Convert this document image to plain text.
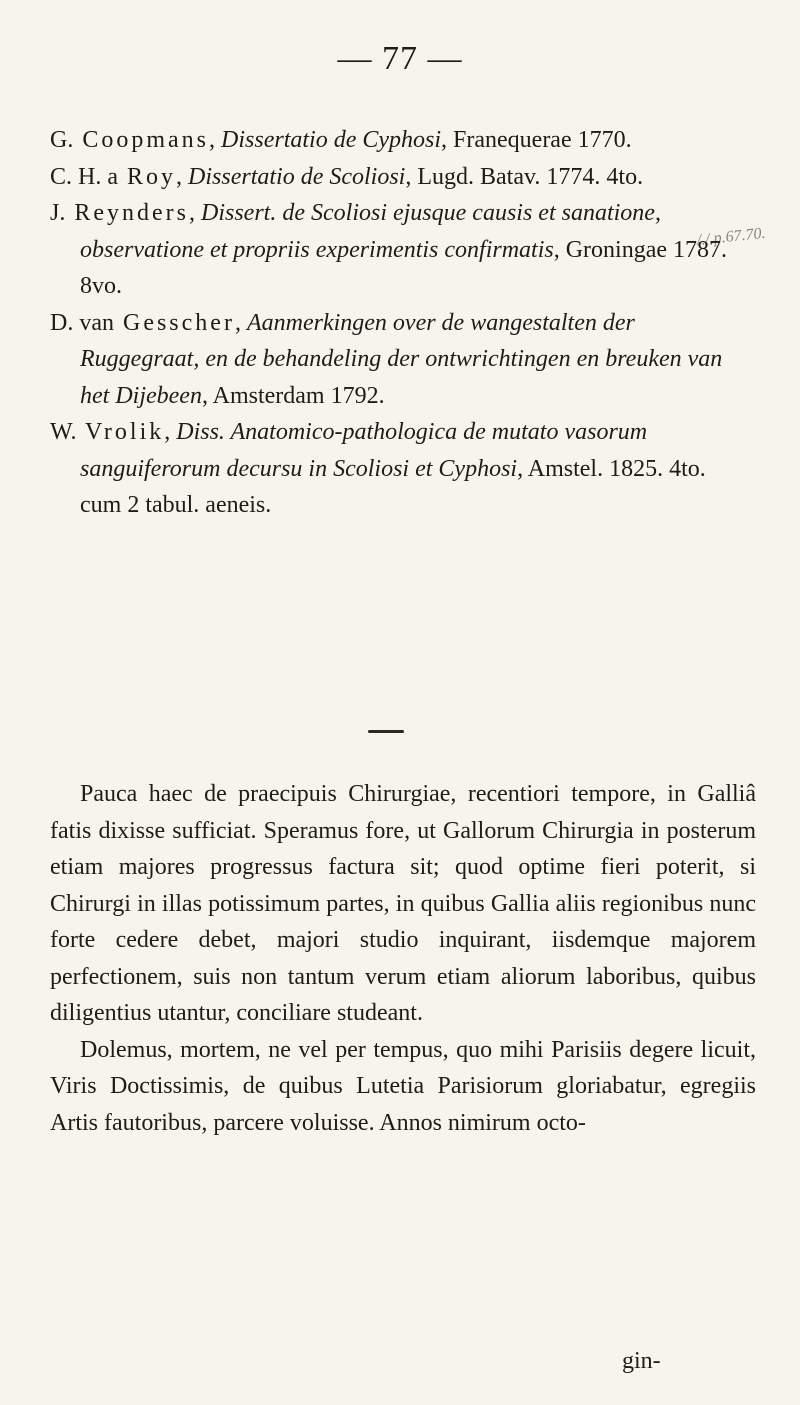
— 77 —
/./.p.67.70.

G. Coopmans, Dissertatio de Cyphosi, Franequerae 1770.

C. H. a Roy, Dissertatio de Scoliosi, Lugd. Batav. 1774. 4to.

J. Reynders, Dissert. de Scoliosi ejusque causis et sanatione, observatione et propriis experimentis confirmatis, Groningae 1787. 8vo.

D. van Gesscher, Aanmerkingen over de wangestalten der Ruggegraat, en de behandeling der ontwrichtingen en breuken van het Dijebeen, Amsterdam 1792.

W. Vrolik, Diss. Anatomico-pathologica de mutato vasorum sanguiferorum decursu in Scoliosi et Cyphosi, Amstel. 1825. 4to. cum 2 tabul. aeneis.

Pauca haec de praecipuis Chirurgiae, recentiori tempore, in Galliâ fatis dixisse sufficiat. Speramus fore, ut Gallorum Chirurgia in posterum etiam majores progressus factura sit; quod optime fieri poterit, si Chirurgi in illas potissimum partes, in quibus Gallia aliis regionibus nunc forte cedere debet, majori studio inquirant, iisdemque majorem perfectionem, suis non tantum verum etiam aliorum laboribus, quibus diligentius utantur, conciliare studeant.

Dolemus, mortem, ne vel per tempus, quo mihi Parisiis degere licuit, Viris Doctissimis, de quibus Lutetia Parisiorum gloriabatur, egregiis Artis fautoribus, parcere voluisse. Annos nimirum octo-

gin-
